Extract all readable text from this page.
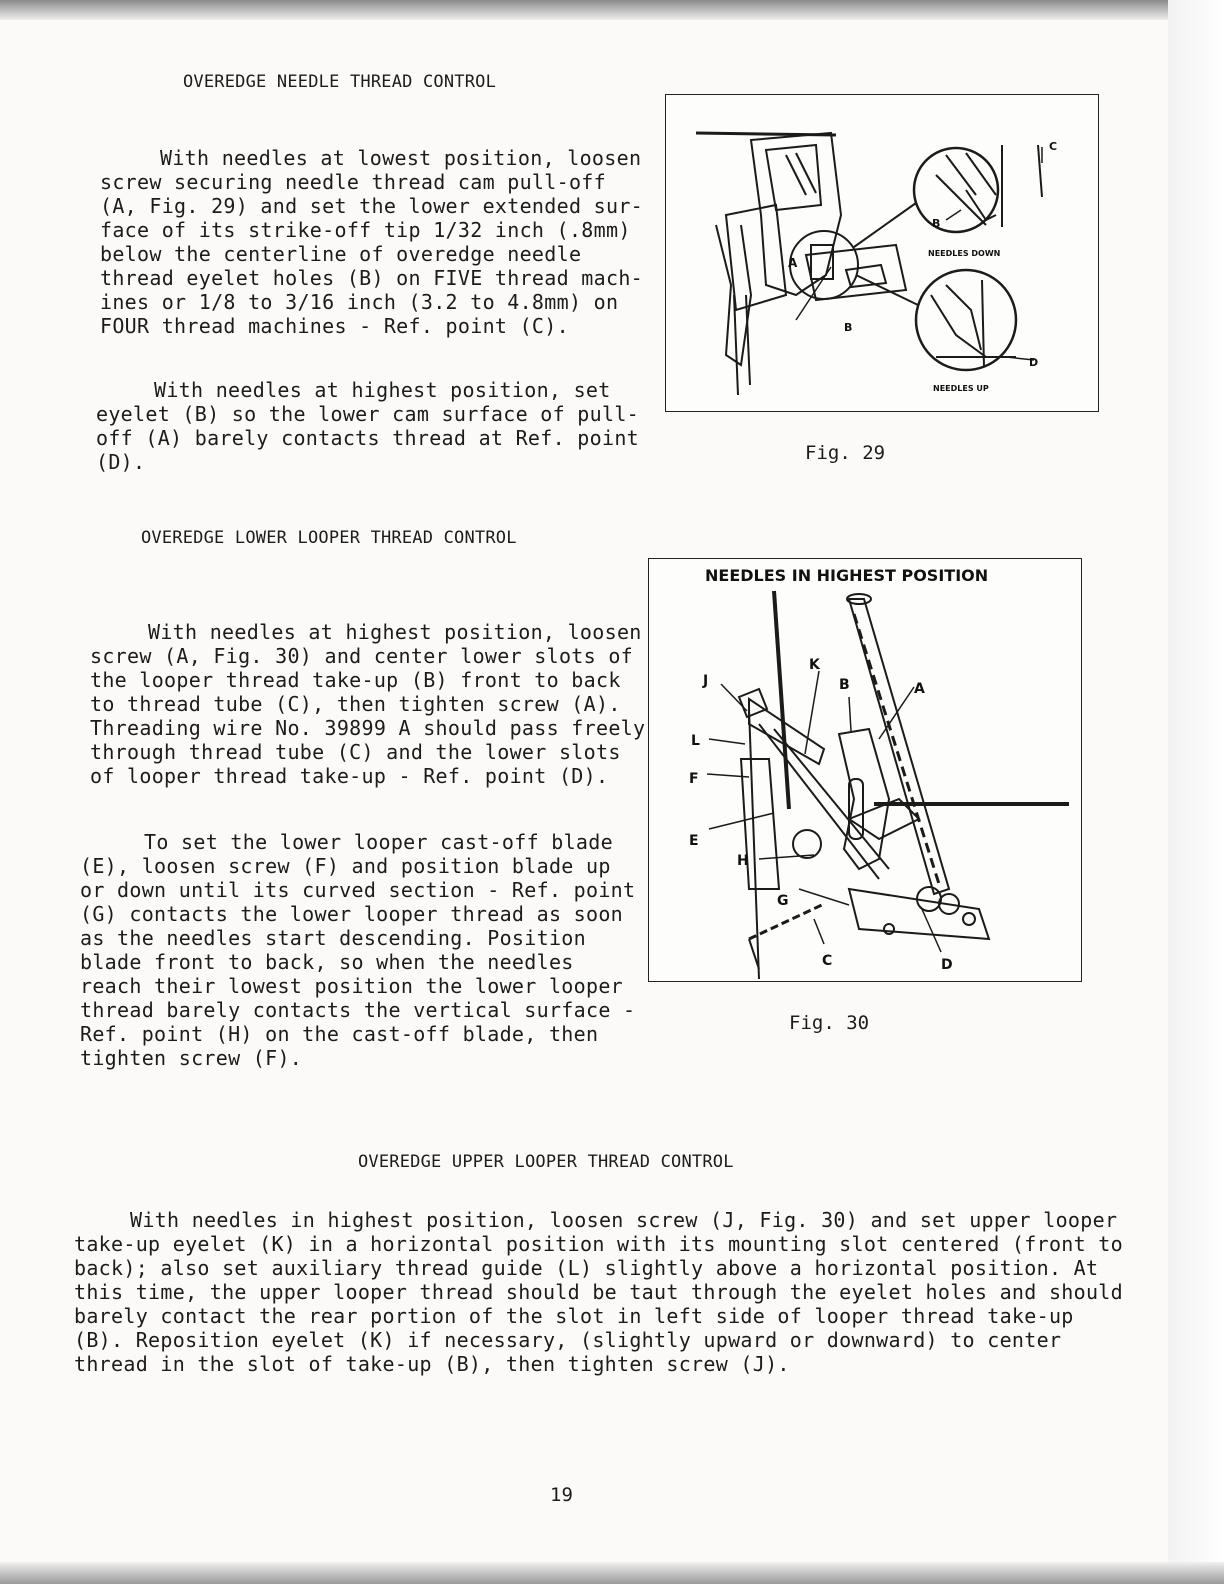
OVEREDGE NEEDLE THREAD CONTROL
With needles at lowest position, loosen
screw securing needle thread cam pull-off
(A, Fig. 29) and set the lower extended sur-
face of its strike-off tip 1/32 inch (.8mm)
below the centerline of overedge needle
thread eyelet holes (B) on FIVE thread mach-
ines or 1/8 to 3/16 inch (3.2 to 4.8mm) on
FOUR thread machines - Ref. point (C).
With needles at highest position, set
eyelet (B) so the lower cam surface of pull-
off (A) barely contacts thread at Ref. point
(D).
A
B
B
C
D
NEEDLES DOWN
NEEDLES UP
Fig. 29
OVEREDGE LOWER LOOPER THREAD CONTROL
With needles at highest position, loosen
screw (A, Fig. 30) and center lower slots of
the looper thread take-up (B) front to back
to thread tube (C), then tighten screw (A).
Threading wire No. 39899 A should pass freely
through thread tube (C) and the lower slots
of looper thread take-up - Ref. point (D).
To set the lower looper cast-off blade
(E), loosen screw (F) and position blade up
or down until its curved section - Ref. point
(G) contacts the lower looper thread as soon
as the needles start descending. Position
blade front to back, so when the needles
reach their lowest position the lower looper
thread barely contacts the vertical surface -
Ref. point (H) on the cast-off blade, then
tighten screw (F).
NEEDLES IN HIGHEST POSITION
J
K
B	A
L
F
E
H
G
C	D
Fig. 30
OVEREDGE UPPER LOOPER THREAD CONTROL
With needles in highest position, loosen screw (J, Fig. 30) and set upper looper
take-up eyelet (K) in a horizontal position with its mounting slot centered (front to
back); also set auxiliary thread guide (L) slightly above a horizontal position. At
this time, the upper looper thread should be taut through the eyelet holes and should
barely contact the rear portion of the slot in left side of looper thread take-up
(B). Reposition eyelet (K) if necessary, (slightly upward or downward) to center
thread in the slot of take-up (B), then tighten screw (J).
19
